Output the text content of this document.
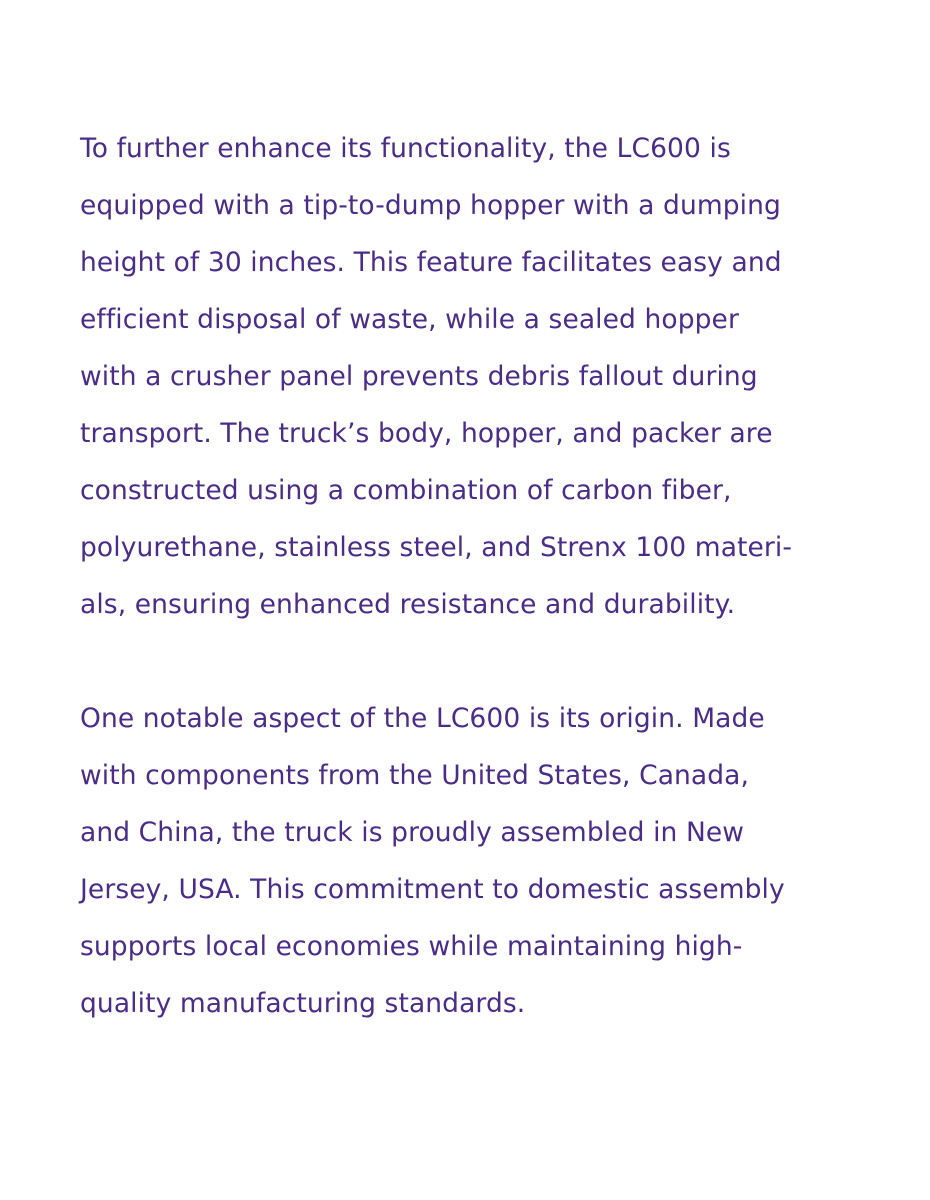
To further enhance its functionality, the LC600 is
equipped with a tip-to-dump hopper with a dumping
height of 30 inches. This feature facilitates easy and
efficient disposal of waste, while a sealed hopper
with a crusher panel prevents debris fallout during
transport. The truck’s body, hopper, and packer are
constructed using a combination of carbon fiber,
polyurethane, stainless steel, and Strenx 100 materi-
als, ensuring enhanced resistance and durability.

One notable aspect of the LC600 is its origin. Made
with components from the United States, Canada,
and China, the truck is proudly assembled in New
Jersey, USA. This commitment to domestic assembly
supports local economies while maintaining high-
quality manufacturing standards.
